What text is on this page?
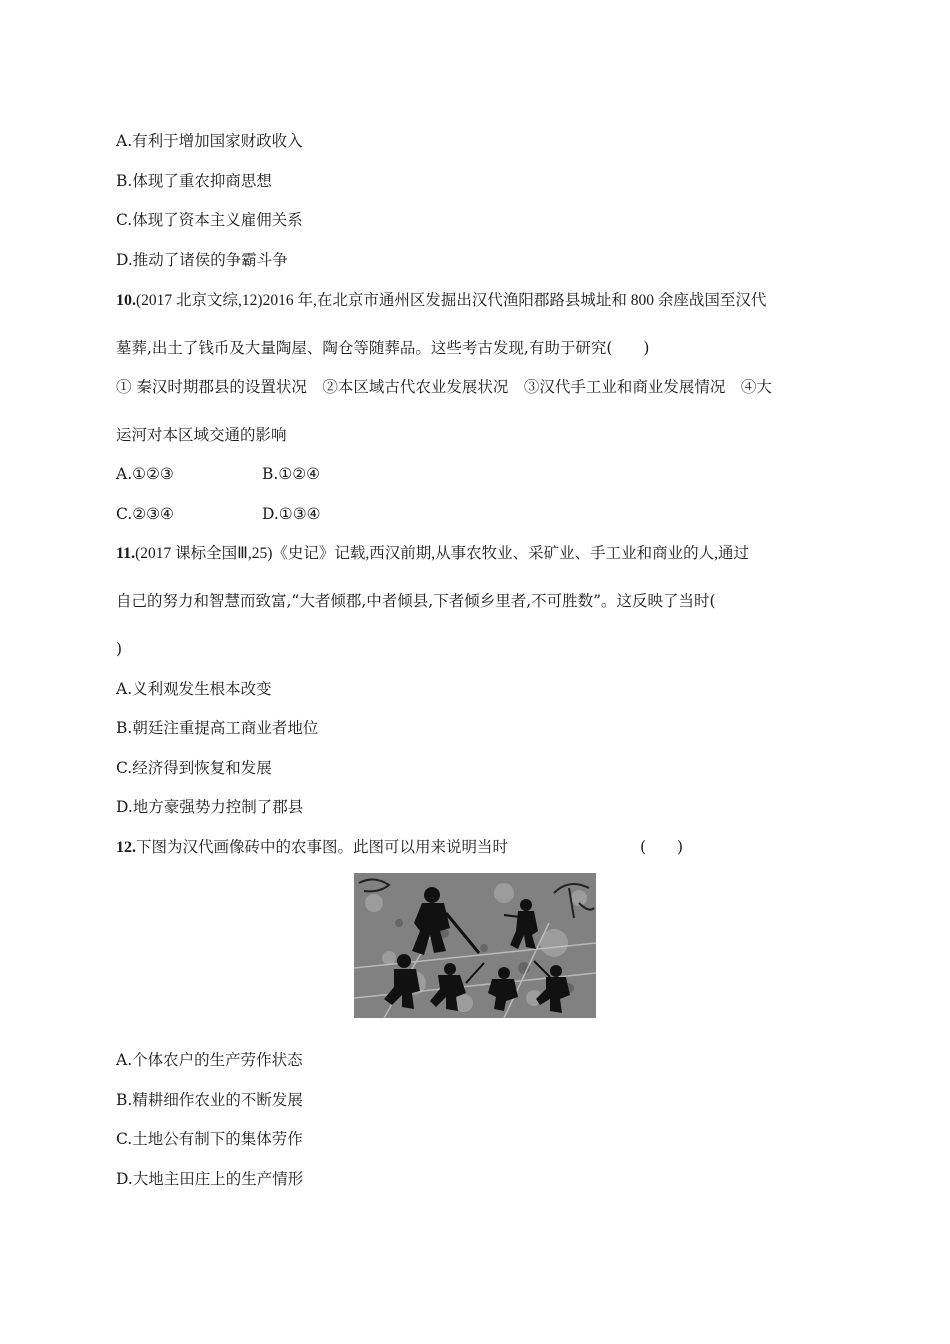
A.有利于增加国家财政收入
B.体现了重农抑商思想
C.体现了资本主义雇佣关系
D.推动了诸侯的争霸斗争
10.(2017 北京文综,12)2016 年,在北京市通州区发掘出汉代渔阳郡路县城址和 800 余座战国至汉代
墓葬,出土了钱币及大量陶屋、陶仓等随葬品。这些考古发现,有助于研究(　　)
① 秦汉时期郡县的设置状况　②本区域古代农业发展状况　③汉代手工业和商业发展情况　④大
运河对本区域交通的影响
A.①②③	B.①②④
C.②③④	D.①③④
11.(2017 课标全国Ⅲ,25)《史记》记载,西汉前期,从事农牧业、采矿业、手工业和商业的人,通过
自己的努力和智慧而致富,“大者倾郡,中者倾县,下者倾乡里者,不可胜数”。这反映了当时(
)
A.义利观发生根本改变
B.朝廷注重提高工商业者地位
C.经济得到恢复和发展
D.地方豪强势力控制了郡县
12.下图为汉代画像砖中的农事图。此图可以用来说明当时	(　　)
A.个体农户的生产劳作状态
B.精耕细作农业的不断发展
C.土地公有制下的集体劳作
D.大地主田庄上的生产情形
